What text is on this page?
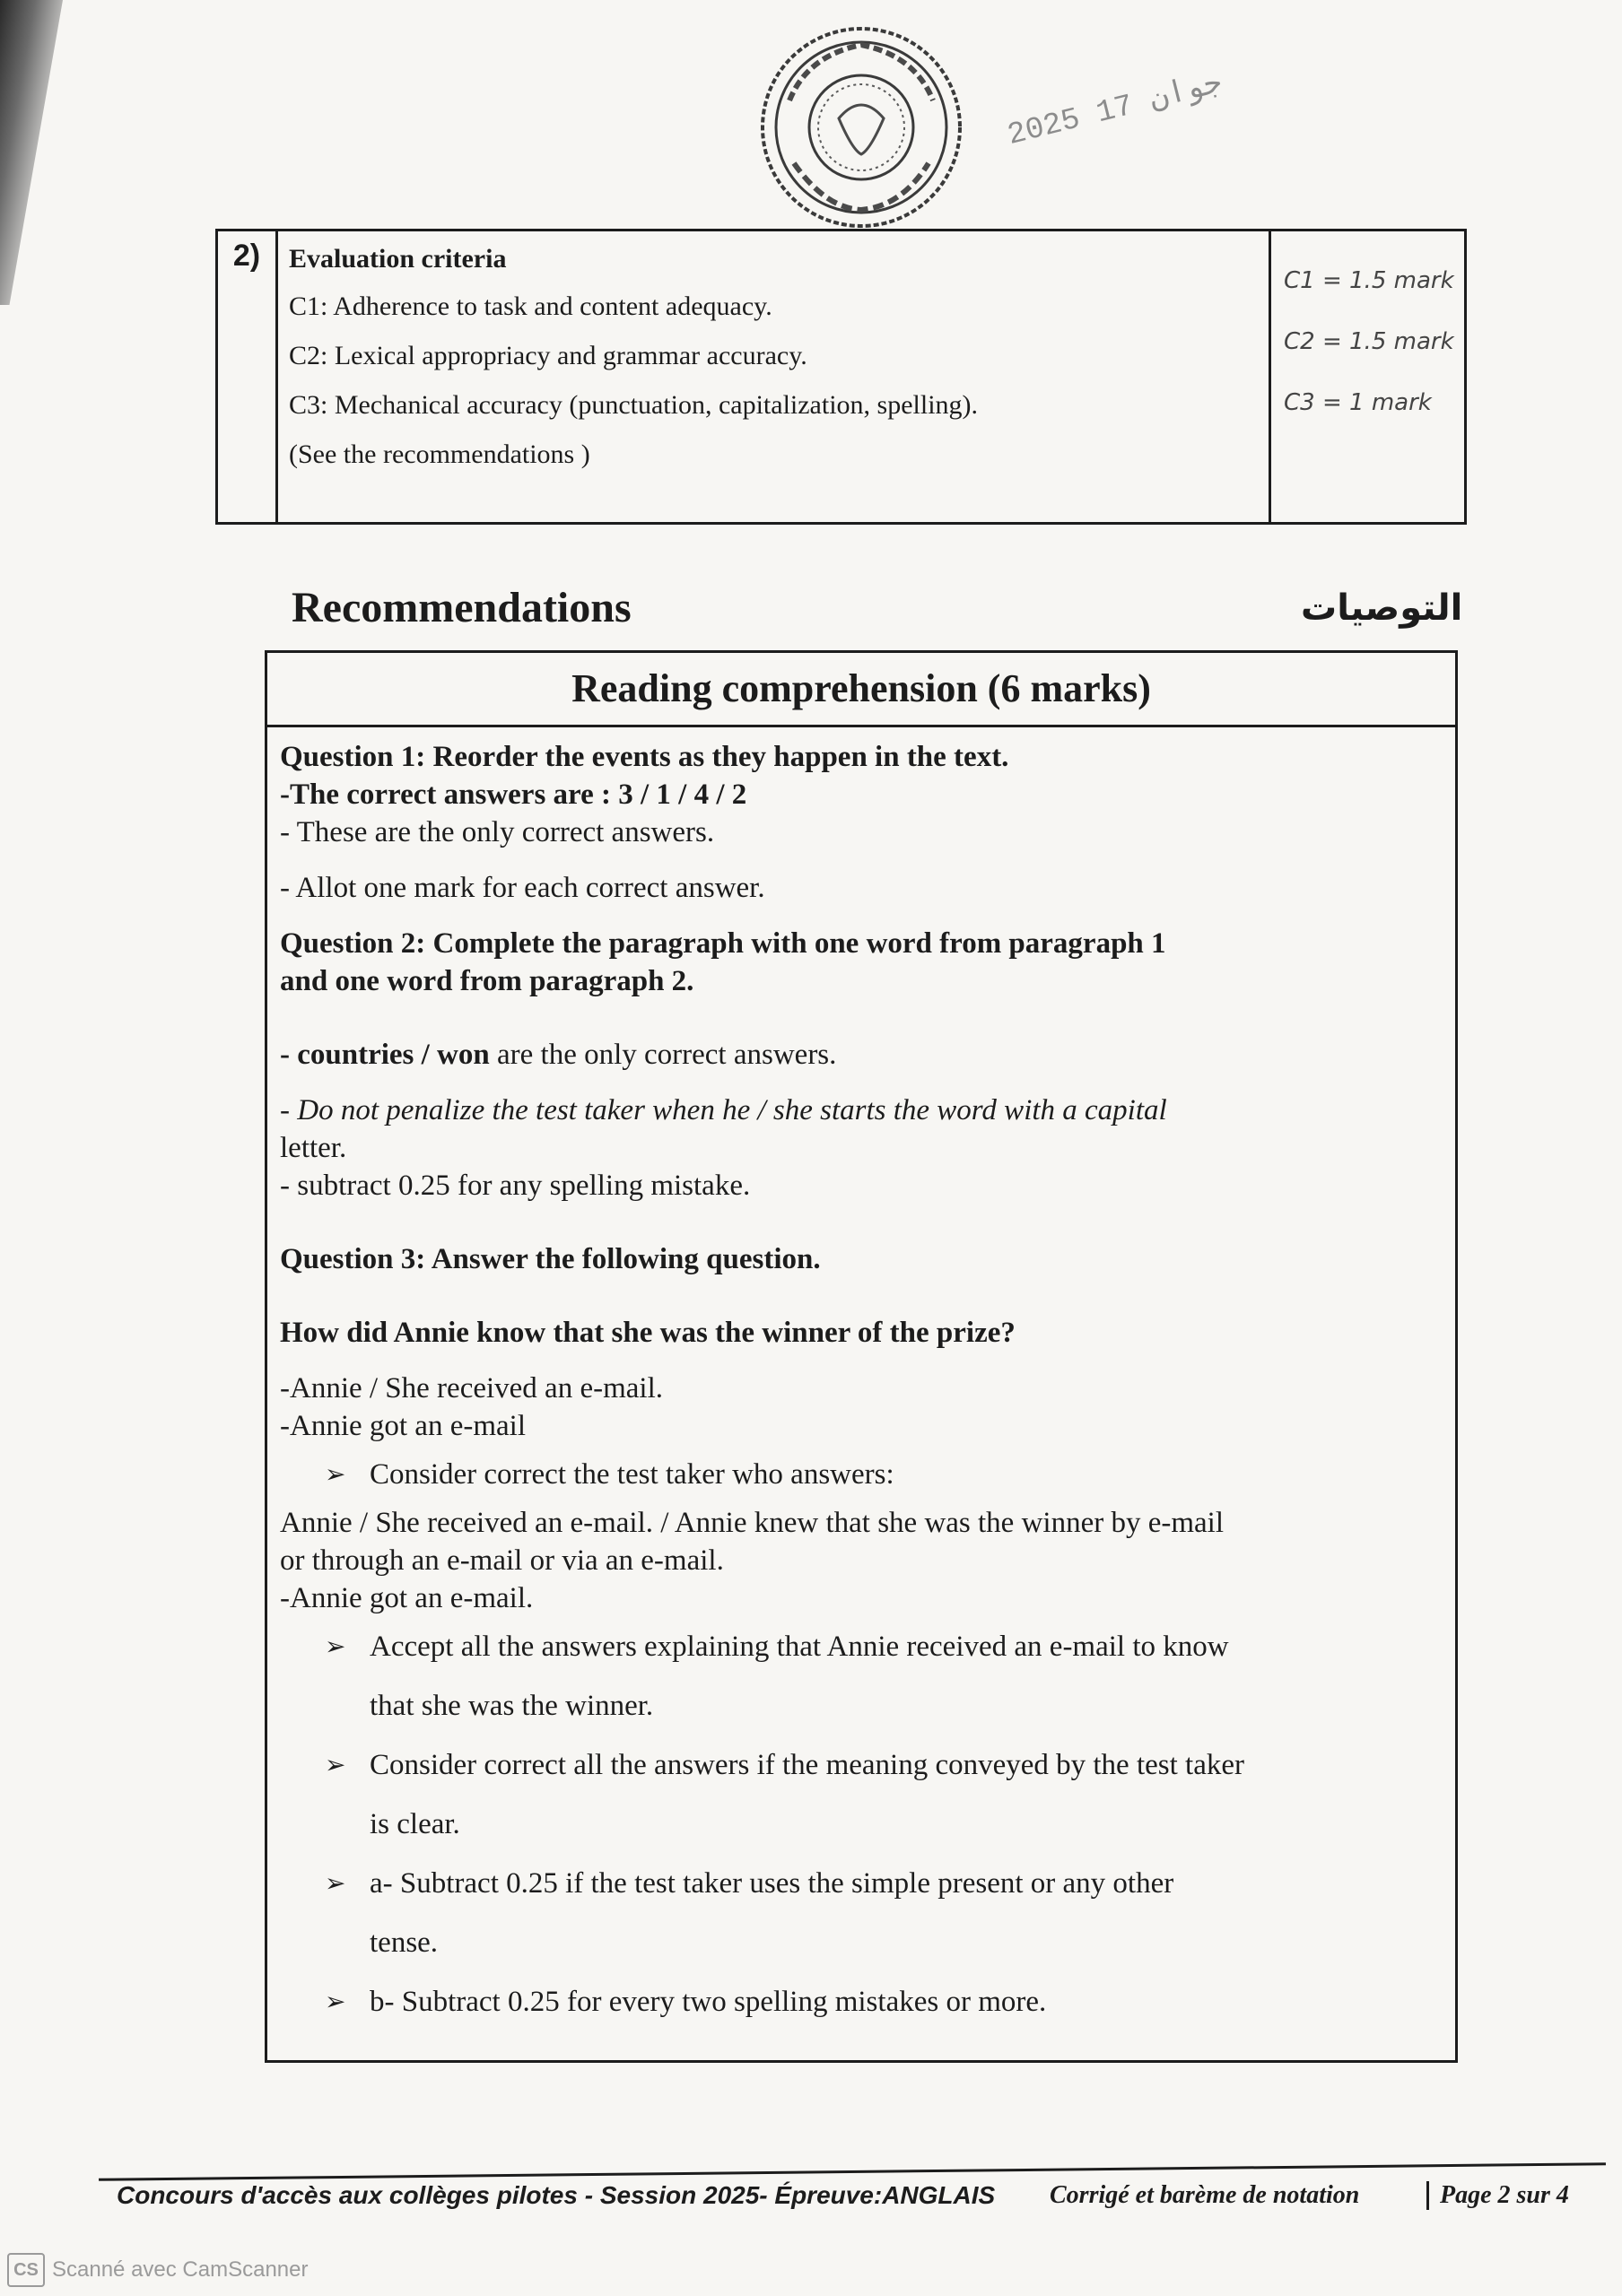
2025 جوان 17
2)	Evaluation criteria
C1: Adherence to task and content adequacy.
C2: Lexical appropriacy and grammar accuracy.
C3: Mechanical accuracy (punctuation, capitalization, spelling).
(See the recommendations )
C1 = 1.5 mark
C2 = 1.5 mark
C3 = 1 mark
Recommendations	التوصيات
Reading comprehension (6 marks)
Question 1: Reorder the events as they happen in the text.
-The correct answers are : 3 / 1 / 4 / 2
- These are the only correct answers.
- Allot one mark for each correct answer.
Question 2: Complete the paragraph with one word from paragraph 1
and one word from paragraph 2.
- countries / won are the only correct answers.
- Do not penalize the test taker when he / she starts the word with a capital
letter.
- subtract 0.25 for any spelling mistake.
Question 3: Answer the following question.
How did Annie know that she was the winner of the prize?
-Annie / She received an e-mail.
-Annie got an e-mail
➢ Consider correct the test taker who answers:
Annie / She received an e-mail. / Annie knew that she was the winner by e-mail
or through an e-mail or via an e-mail.
-Annie got an e-mail.
➢ Accept all the answers explaining that Annie received an e-mail to know
that she was the winner.
➢ Consider correct all the answers if the meaning conveyed by the test taker
is clear.
➢ a- Subtract 0.25 if the test taker uses the simple present or any other
tense.
➢ b- Subtract 0.25 for every two spelling mistakes or more.
Concours d'accès aux collèges pilotes - Session 2025- Épreuve:ANGLAIS	Corrigé et barème de notation	Page 2 sur 4
CS Scanné avec CamScanner
